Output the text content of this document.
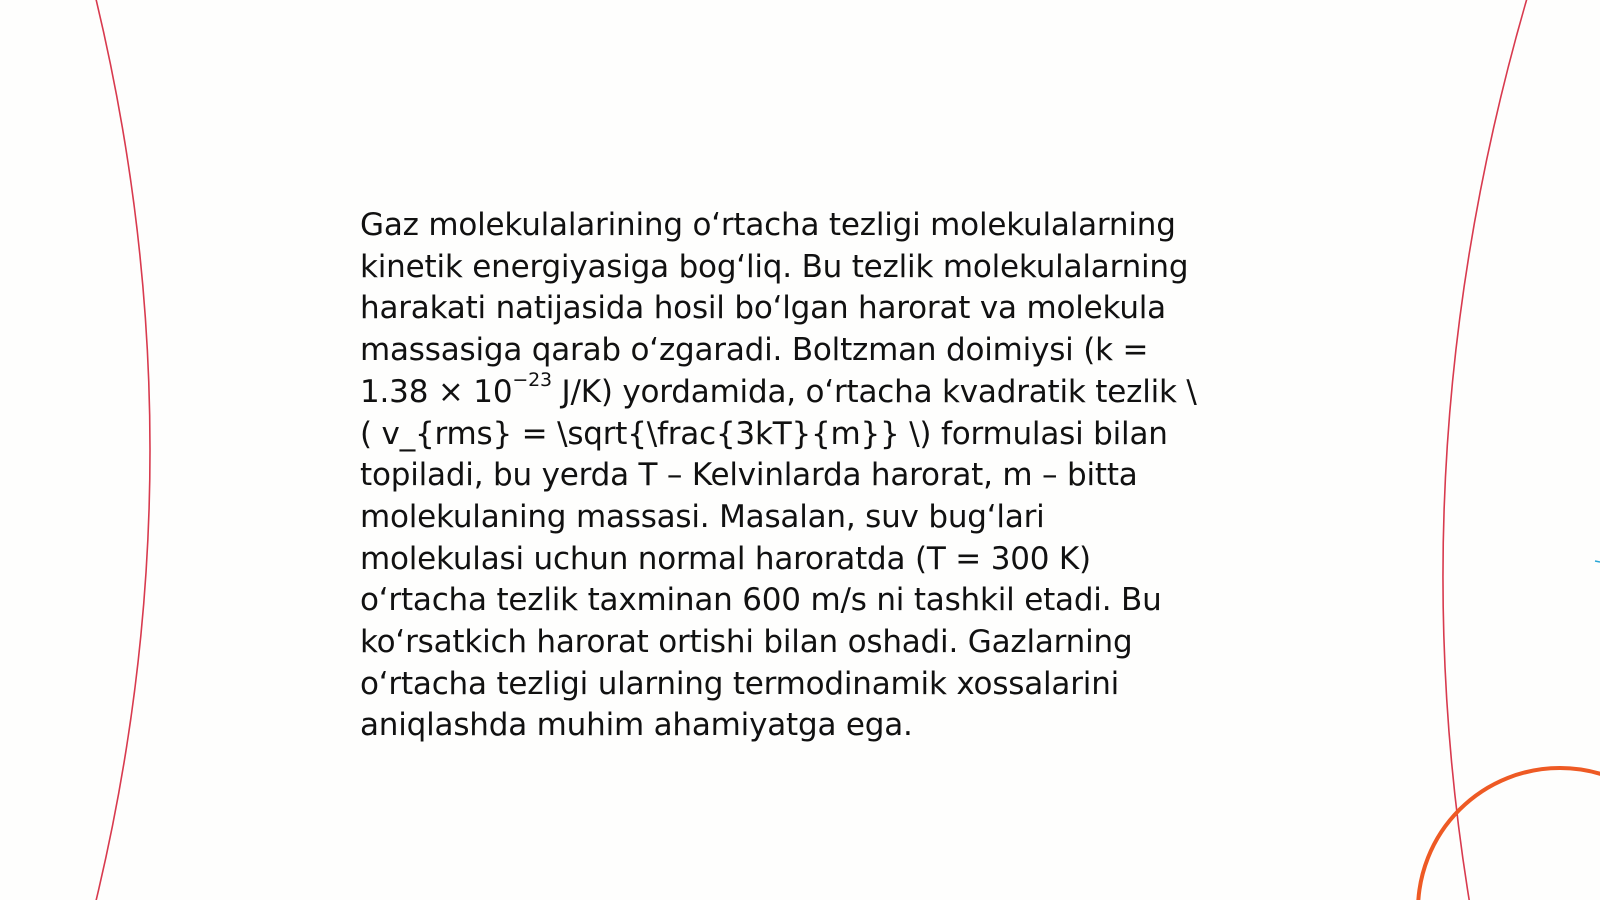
Gaz molekulalarining oʻrtacha tezligi molekulalarning
kinetik energiyasiga bogʻliq. Bu tezlik molekulalarning
harakati natijasida hosil boʻlgan harorat va molekula
massasiga qarab oʻzgaradi. Boltzman doimiysi (k =
$1.38 \times 10^{-23}$ J/K) yordamida, oʻrtacha kvadratik tezlik \
( v_{rms} = \sqrt{\frac{3kT}{m}} \) formulasi bilan
topiladi, bu yerda T – Kelvinlarda harorat, m – bitta
molekulaning massasi. Masalan, suv bugʻlari
molekulasi uchun normal haroratda (T = 300 K)
oʻrtacha tezlik taxminan 600 m/s ni tashkil etadi. Bu
koʻrsatkich harorat ortishi bilan oshadi. Gazlarning
oʻrtacha tezligi ularning termodinamik xossalarini
aniqlashda muhim ahamiyatga ega.
